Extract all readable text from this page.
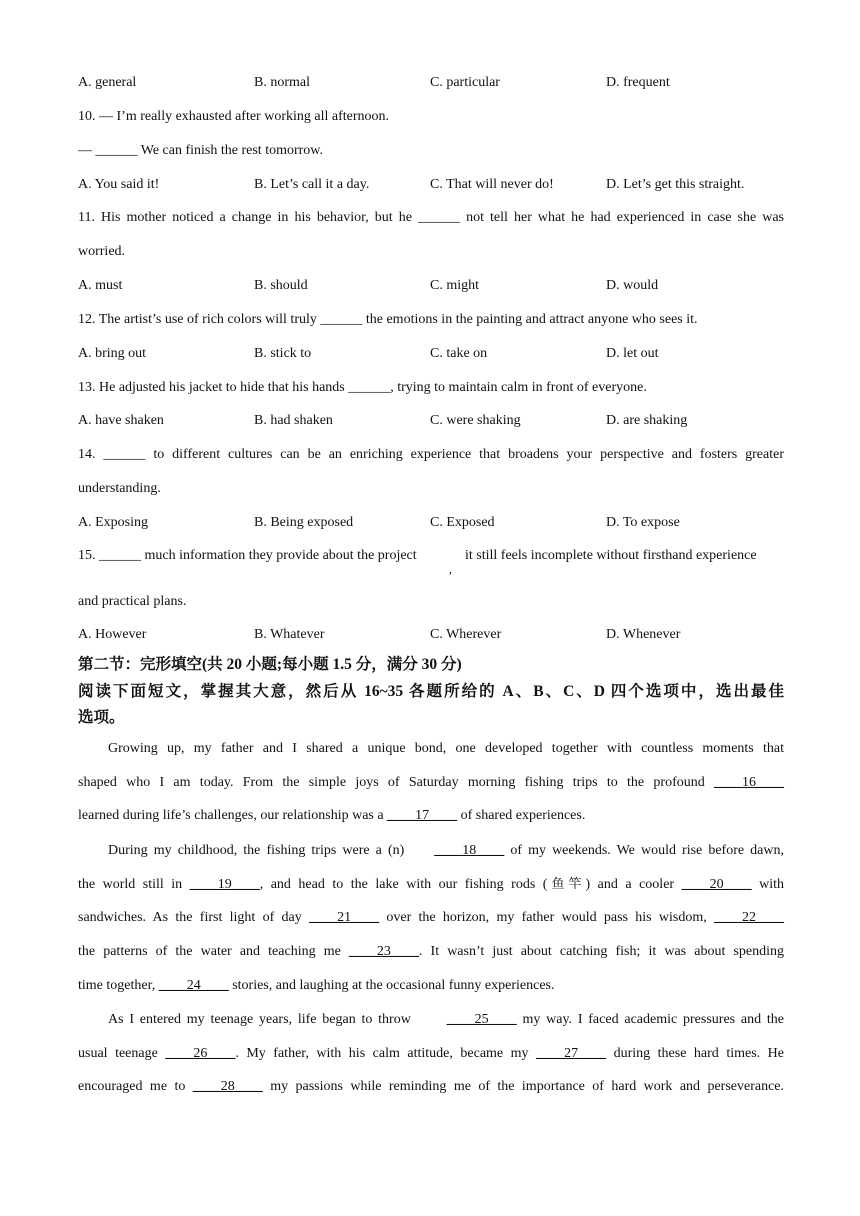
A. general	B. normal	C. particular	D. frequent
10. — I’m really exhausted after working all afternoon.
— ______ We can finish the rest tomorrow.
A. You said it!	B. Let’s call it a day.	C. That will never do!	D. Let’s get this straight.
11. His mother noticed a change in his behavior, but he ______ not tell her what he had experienced in case she was
worried.
A. must	B. should	C. might	D. would
12. The artist’s use of rich colors will truly ______ the emotions in the painting and attract anyone who sees it.
A. bring out	B. stick to	C. take on	D. let out
13. He adjusted his jacket to hide that his hands ______, trying to maintain calm in front of everyone.
A. have shaken	B. had shaken	C. were shaking	D. are shaking
14. ______ to different cultures can be an enriching experience that broadens your perspective and fosters greater
understanding.
A. Exposing	B. Being exposed	C. Exposed	D. To expose
15. ______ much information they provide about the project	it still feels incomplete without firsthand experience
,
and practical plans.
A. However	B. Whatever	C. Wherever	D. Whenever
第二节：完形填空(共 20 小题;每小题 1.5 分，满分 30 分)
阅读下面短文，掌握其大意，然后从 16~35 各题所给的 A、B、C、D 四个选项中，选出最佳
选项。
Growing up, my father and I shared a unique bond, one developed together with countless moments that
shaped who I am today. From the simple joys of Saturday morning fishing trips to the profound ____16____
learned during life’s challenges, our relationship was a ____17____ of shared experiences.
During my childhood, the fishing trips were a (n) ____18____ of my weekends. We would rise before dawn,
the world still in ____19____, and head to the lake with our fishing rods (鱼竿) and a cooler ____20____ with
sandwiches. As the first light of day ____21____ over the horizon, my father would pass his wisdom, ____22____
the patterns of the water and teaching me ____23____. It wasn’t just about catching fish; it was about spending
time together, ____24____ stories, and laughing at the occasional funny experiences.
As I entered my teenage years, life began to throw	____25____ my way. I faced academic pressures and the
usual teenage ____26____. My father, with his calm attitude, became my ____27____ during these hard times. He
encouraged me to ____28____ my passions while reminding me of the importance of hard work and perseverance.
